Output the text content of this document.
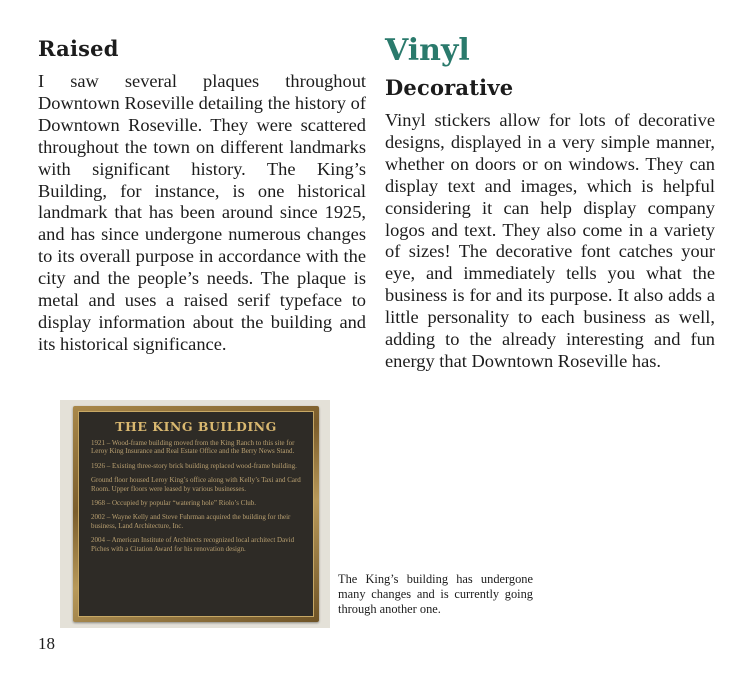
Raised

I saw several plaques throughout Downtown Roseville detailing the history of Downtown Roseville. They were scattered throughout the town on different landmarks with significant history. The King’s Building, for instance, is one historical landmark that has been around since 1925, and has since undergone numerous changes to its overall purpose in accordance with the city and the people’s needs. The plaque is metal and uses a raised serif typeface to display information about the building and its historical significance.

Vinyl
Decorative

Vinyl stickers allow for lots of decorative designs, displayed in a very simple manner, whether on doors or on windows. They can display text and images, which is helpful considering it can help display company logos and text. They also come in a variety of sizes! The decorative font catches your eye, and immediately tells you what the business is for and its purpose. It also adds a little personality to each business as well, adding to the already interesting and fun energy that Downtown Roseville has.

THE KING BUILDING
1921 – Wood-frame building moved from the King Ranch to this site for Leroy King Insurance and Real Estate Office and the Berry News Stand.
1926 – Existing three-story brick building replaced wood-frame building.
Ground floor housed Leroy King’s office along with Kelly’s Taxi and Card Room. Upper floors were leased by various businesses.
1968 – Occupied by popular “watering hole” Riolo’s Club.
2002 – Wayne Kelly and Steve Fuhrman acquired the building for their business, Land Architecture, Inc.
2004 – American Institute of Architects recognized local architect David Piches with a Citation Award for his renovation design.
The King’s building has undergone many changes and is currently going through another one.
18
